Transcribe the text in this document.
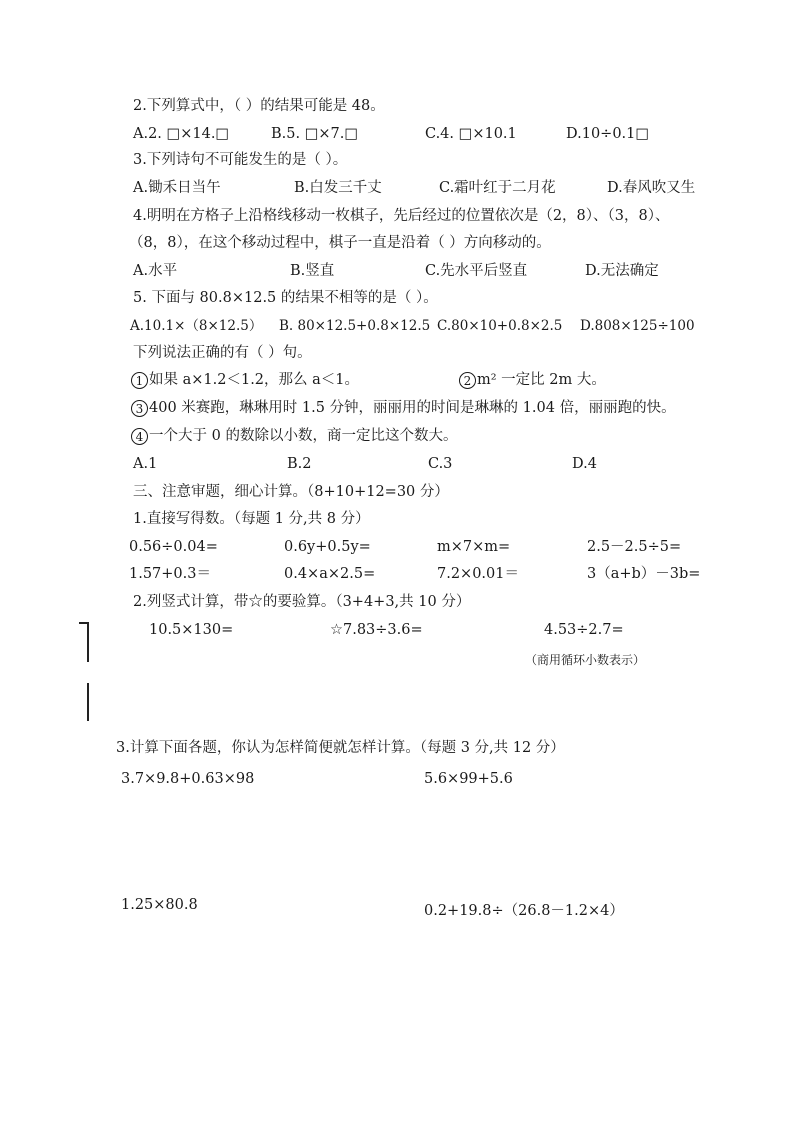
2.下列算式中，（ ）的结果可能是 48。
A.2. □×14.□	B.5. □×7.□	C.4. □×10.1	D.10÷0.1□
3.下列诗句不可能发生的是（ ）。
A.锄禾日当午	B.白发三千丈	C.霜叶红于二月花	D.春风吹又生
4.明明在方格子上沿格线移动一枚棋子，先后经过的位置依次是（2，8）、（3，8）、
（8，8），在这个移动过程中，棋子一直是沿着（ ）方向移动的。
A.水平	B.竖直	C.先水平后竖直	D.无法确定
5. 下面与 80.8×12.5 的结果不相等的是（ ）。
A.10.1×（8×12.5） B. 80×12.5+0.8×12.5 C.80×10+0.8×2.5 D.808×125÷100
下列说法正确的有（ ）句。
1 如果 a×1.2＜1.2，那么 a＜1。	2 m² 一定比 2m 大。
3 400 米赛跑，琳琳用时 1.5 分钟，丽丽用的时间是琳琳的 1.04 倍，丽丽跑的快。
4 一个大于 0 的数除以小数，商一定比这个数大。
A.1	B.2	C.3	D.4
三、注意审题，细心计算。（8+10+12=30 分）
1.直接写得数。（每题 1 分,共 8 分）
0.56÷0.04=	0.6y+0.5y=	m×7×m=	2.5－2.5÷5=
1.57+0.3＝	0.4×a×2.5=	7.2×0.01＝	3（a+b）－3b=
2.列竖式计算，带☆的要验算。（3+4+3,共 10 分）
10.5×130=	☆7.83÷3.6=	4.53÷2.7=
（商用循环小数表示）
3.计算下面各题，你认为怎样简便就怎样计算。（每题 3 分,共 12 分）
3.7×9.8+0.63×98	5.6×99+5.6
1.25×80.8	0.2+19.8÷（26.8－1.2×4）
